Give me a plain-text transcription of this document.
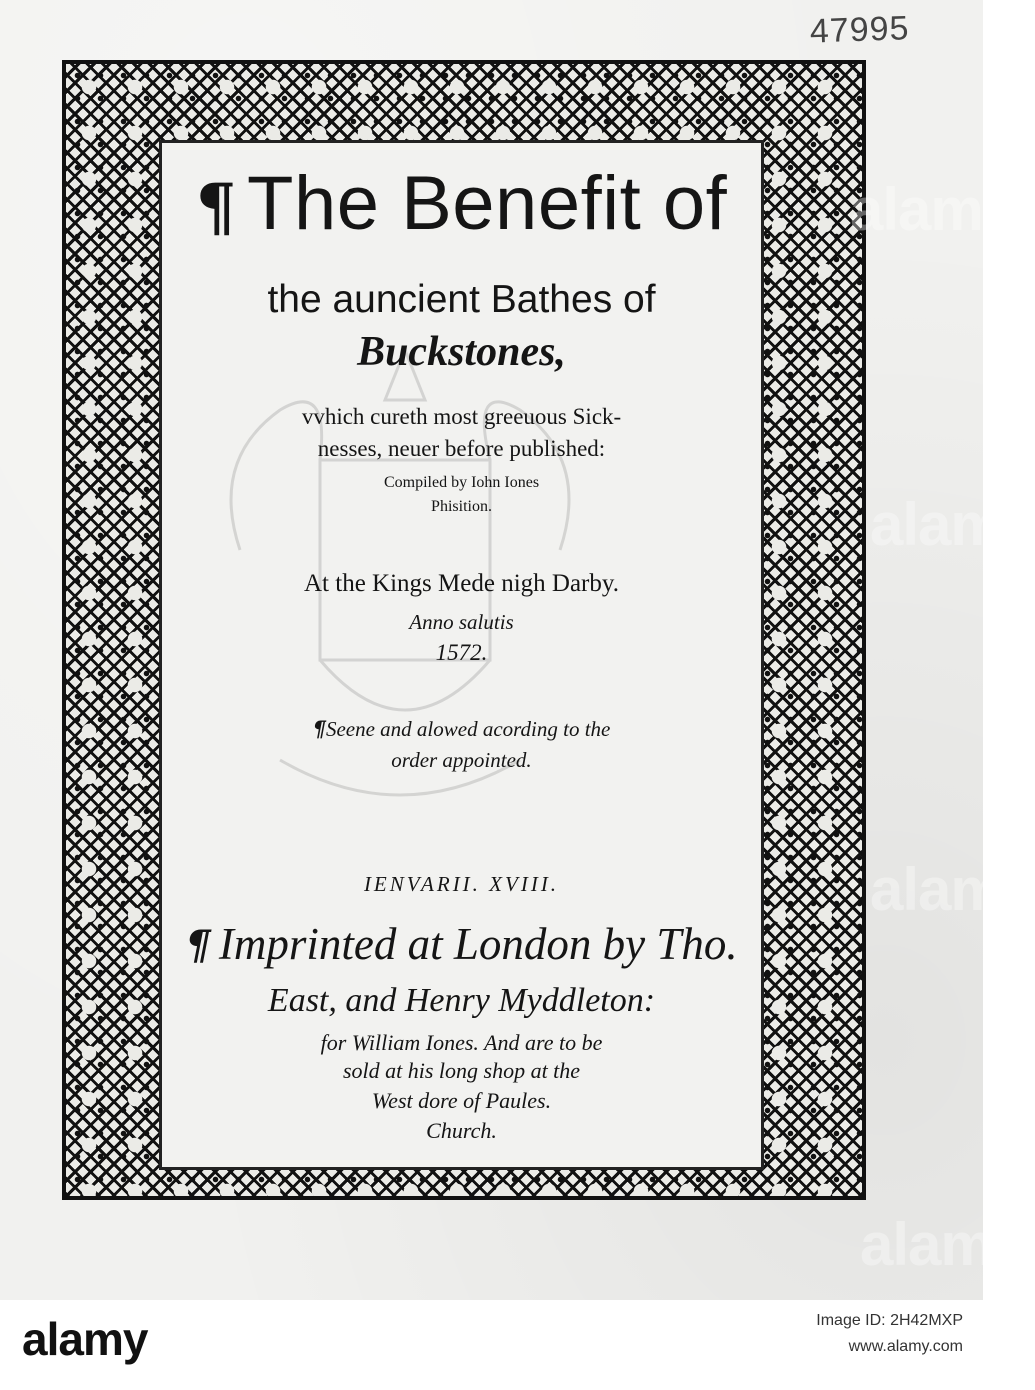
47995
¶ The Benefit of
the auncient Bathes of
Buckstones,
vvhich cureth most greeuous Sick-
nesses, neuer before published:
Compiled by Iohn Iones
Phisition.
At the Kings Mede nigh Darby.
Anno salutis
1572.
¶Seene and alowed acording to the
order appointed.
IENVARII. XVIII.
¶ Imprinted at London by Tho.
East, and Henry Myddleton:
for William Iones. And are to be
sold at his long shop at the
West dore of Paules.
Church.
alamy
alamy
alamy
alamy
alamy	Image ID: 2H42MXP
www.alamy.com
